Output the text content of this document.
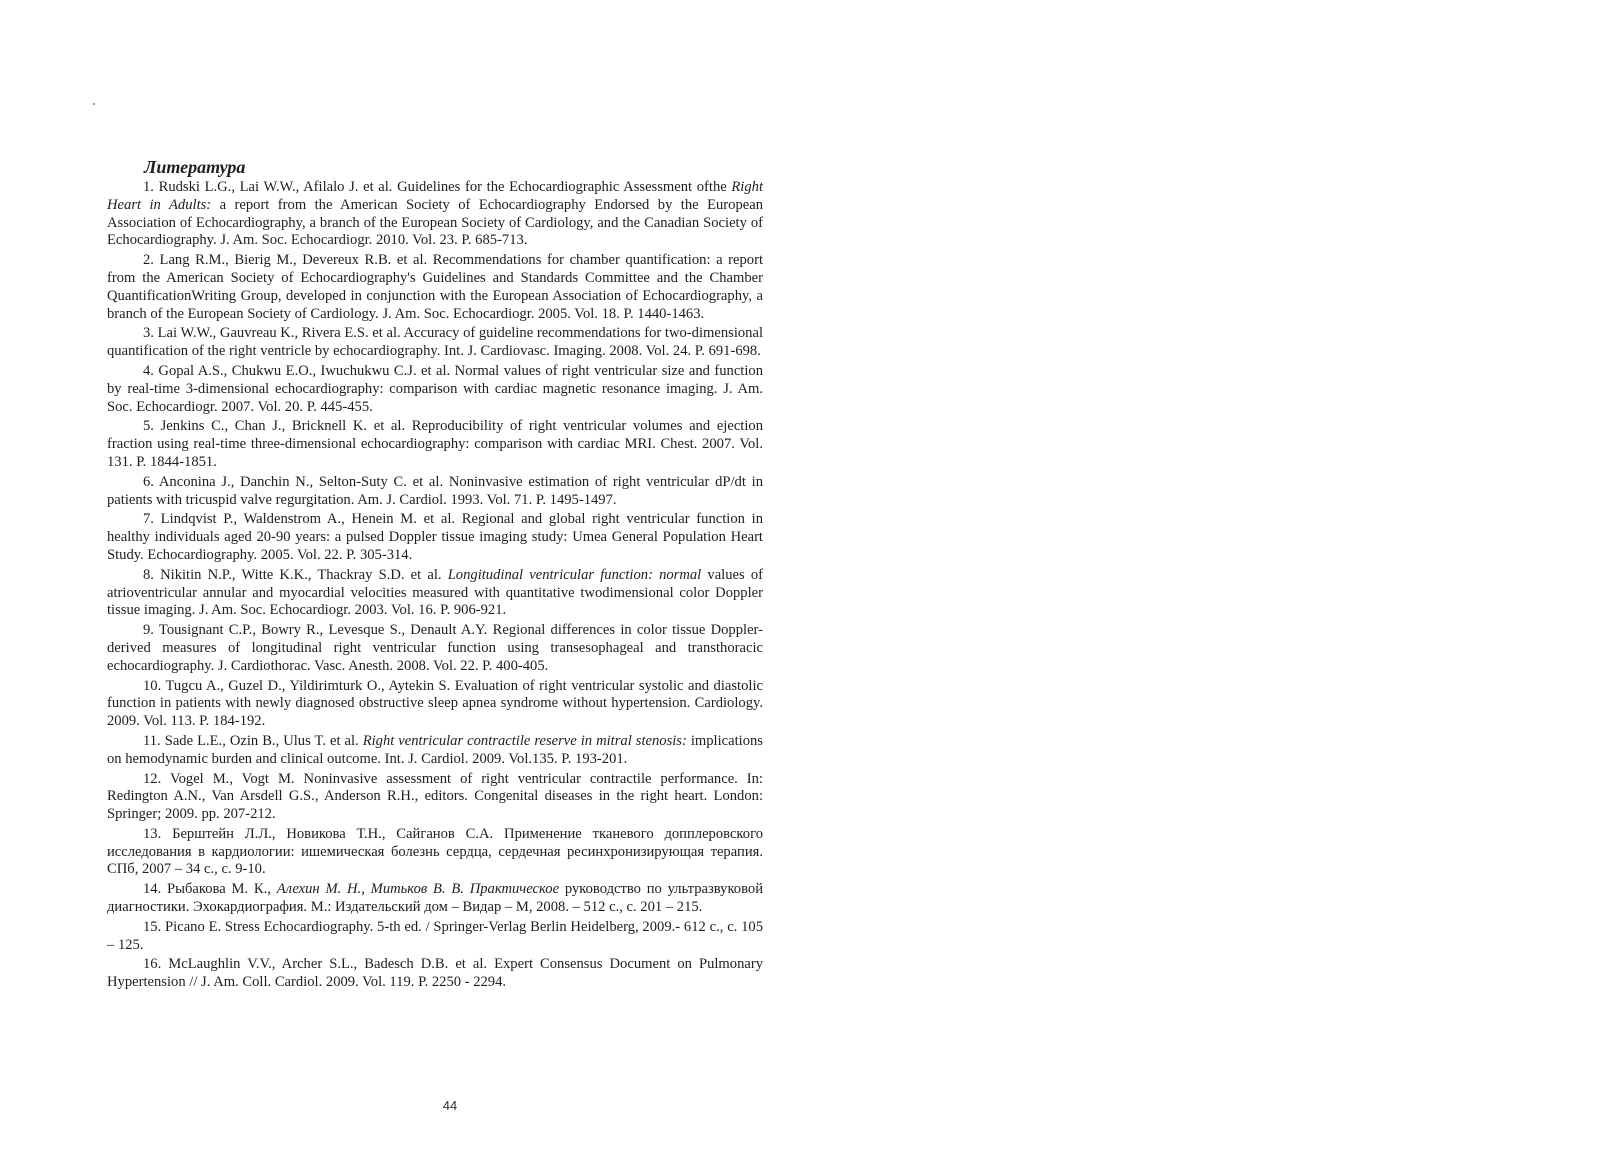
Литература

1. Rudski L.G., Lai W.W., Afilalo J. et al. Guidelines for the Echocardiographic Assessment ofthe Right Heart in Adults: a report from the American Society of Echocardiography Endorsed by the European Association of Echocardiography, a branch of the European Society of Cardiology, and the Canadian Society of Echocardiography. J. Am. Soc. Echocardiogr. 2010. Vol. 23. P. 685-713.

2. Lang R.M., Bierig M., Devereux R.B. et al. Recommendations for chamber quantification: a report from the American Society of Echocardiography's Guidelines and Standards Committee and the Chamber QuantificationWriting Group, developed in conjunction with the European Association of Echocardiography, a branch of the European Society of Cardiology. J. Am. Soc. Echocardiogr. 2005. Vol. 18. P. 1440-1463.

3. Lai W.W., Gauvreau K., Rivera E.S. et al. Accuracy of guideline recommendations for two-dimensional quantification of the right ventricle by echocardiography. Int. J. Cardiovasc. Imaging. 2008. Vol. 24. P. 691-698.

4. Gopal A.S., Chukwu E.O., Iwuchukwu C.J. et al. Normal values of right ventricular size and function by real-time 3-dimensional echocardiography: comparison with cardiac magnetic resonance imaging. J. Am. Soc. Echocardiogr. 2007. Vol. 20. P. 445-455.

5. Jenkins C., Chan J., Bricknell K. et al. Reproducibility of right ventricular volumes and ejection fraction using real-time three-dimensional echocardiography: comparison with cardiac MRI. Chest. 2007. Vol. 131. P. 1844-1851.

6. Anconina J., Danchin N., Selton-Suty C. et al. Noninvasive estimation of right ventricular dP/dt in patients with tricuspid valve regurgitation. Am. J. Cardiol. 1993. Vol. 71. P. 1495-1497.

7. Lindqvist P., Waldenstrom A., Henein M. et al. Regional and global right ventricular function in healthy individuals aged 20-90 years: a pulsed Doppler tissue imaging study: Umea General Population Heart Study. Echocardiography. 2005. Vol. 22. P. 305-314.

8. Nikitin N.P., Witte K.K., Thackray S.D. et al. Longitudinal ventricular function: normal values of atrioventricular annular and myocardial velocities measured with quantitative twodimensional color Doppler tissue imaging. J. Am. Soc. Echocardiogr. 2003. Vol. 16. P. 906-921.

9. Tousignant C.P., Bowry R., Levesque S., Denault A.Y. Regional differences in color tissue Doppler-derived measures of longitudinal right ventricular function using transesophageal and transthoracic echocardiography. J. Cardiothorac. Vasc. Anesth. 2008. Vol. 22. P. 400-405.

10. Tugcu A., Guzel D., Yildirimturk O., Aytekin S. Evaluation of right ventricular systolic and diastolic function in patients with newly diagnosed obstructive sleep apnea syndrome without hypertension. Cardiology. 2009. Vol. 113. P. 184-192.

11. Sade L.E., Ozin B., Ulus T. et al. Right ventricular contractile reserve in mitral stenosis: implications on hemodynamic burden and clinical outcome. Int. J. Cardiol. 2009. Vol.135. P. 193-201.

12. Vogel M., Vogt M. Noninvasive assessment of right ventricular contractile performance. In: Redington A.N., Van Arsdell G.S., Anderson R.H., editors. Congenital diseases in the right heart. London: Springer; 2009. pp. 207-212.

13. Берштейн Л.Л., Новикова Т.Н., Сайганов С.А. Применение тканевого допплеровского исследования в кардиологии: ишемическая болезнь сердца, сердечная ресинхронизирующая терапия. СПб, 2007 – 34 с., с. 9-10.

14. Рыбакова М. К., Алехин М. Н., Митьков В. В. Практическое руководство по ультразвуковой диагностики. Эхокардиография. М.: Издательский дом – Видар – М, 2008. – 512 с., с. 201 – 215.

15. Picano E. Stress Echocardiography. 5-th ed. / Springer-Verlag Berlin Heidelberg, 2009.- 612 c., c. 105 – 125.

16. McLaughlin V.V., Archer S.L., Badesch D.B. et al. Expert Consensus Document on Pulmonary Hypertension // J. Am. Coll. Cardiol. 2009. Vol. 119. P. 2250 - 2294.

44
